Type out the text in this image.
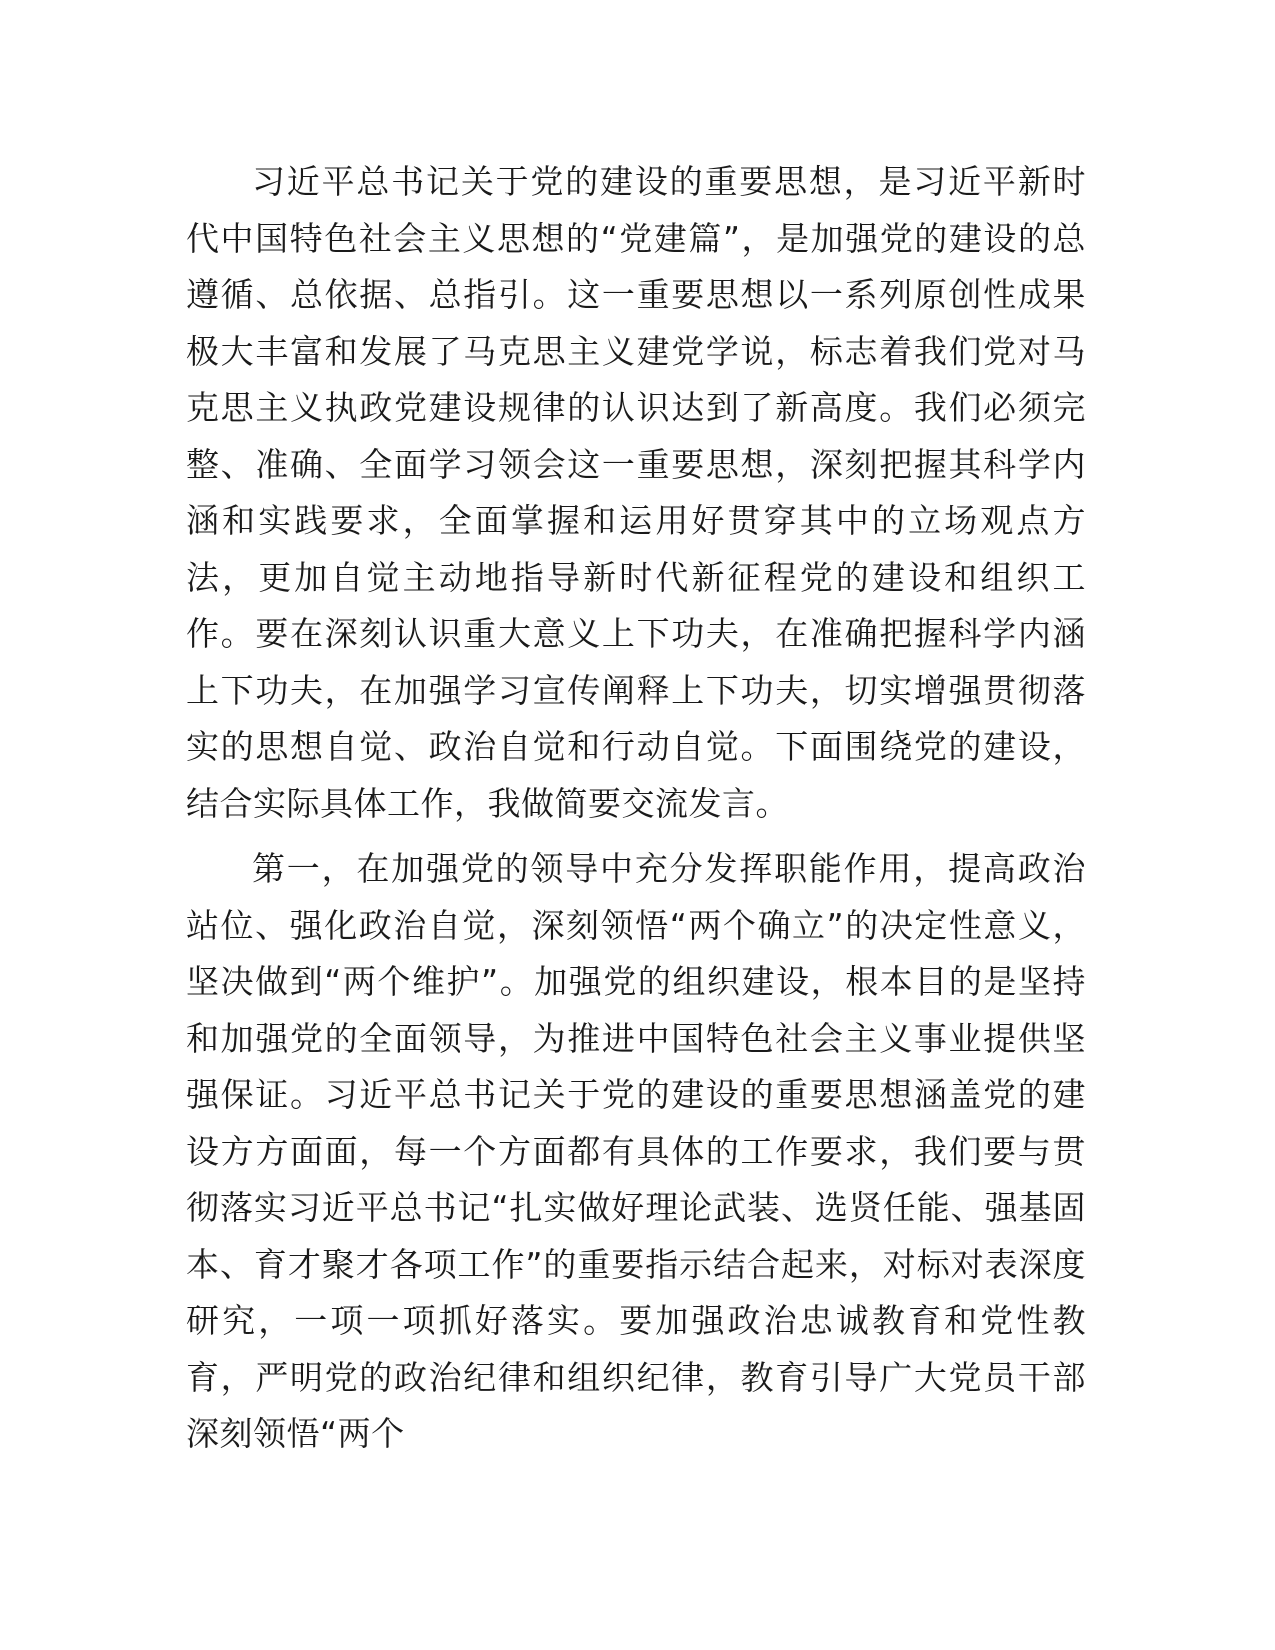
习近平总书记关于党的建设的重要思想，是习近平新时代中国特色社会主义思想的“党建篇”，是加强党的建设的总遵循、总依据、总指引。这一重要思想以一系列原创性成果极大丰富和发展了马克思主义建党学说，标志着我们党对马克思主义执政党建设规律的认识达到了新高度。我们必须完整、准确、全面学习领会这一重要思想，深刻把握其科学内涵和实践要求，全面掌握和运用好贯穿其中的立场观点方法，更加自觉主动地指导新时代新征程党的建设和组织工作。要在深刻认识重大意义上下功夫，在准确把握科学内涵上下功夫，在加强学习宣传阐释上下功夫，切实增强贯彻落实的思想自觉、政治自觉和行动自觉。下面围绕党的建设，结合实际具体工作，我做简要交流发言。

第一，在加强党的领导中充分发挥职能作用，提高政治站位、强化政治自觉，深刻领悟“两个确立”的决定性意义，坚决做到“两个维护”。加强党的组织建设，根本目的是坚持和加强党的全面领导，为推进中国特色社会主义事业提供坚强保证。习近平总书记关于党的建设的重要思想涵盖党的建设方方面面，每一个方面都有具体的工作要求，我们要与贯彻落实习近平总书记“扎实做好理论武装、选贤任能、强基固本、育才聚才各项工作”的重要指示结合起来，对标对表深度研究，一项一项抓好落实。要加强政治忠诚教育和党性教育，严明党的政治纪律和组织纪律，教育引导广大党员干部深刻领悟“两个
